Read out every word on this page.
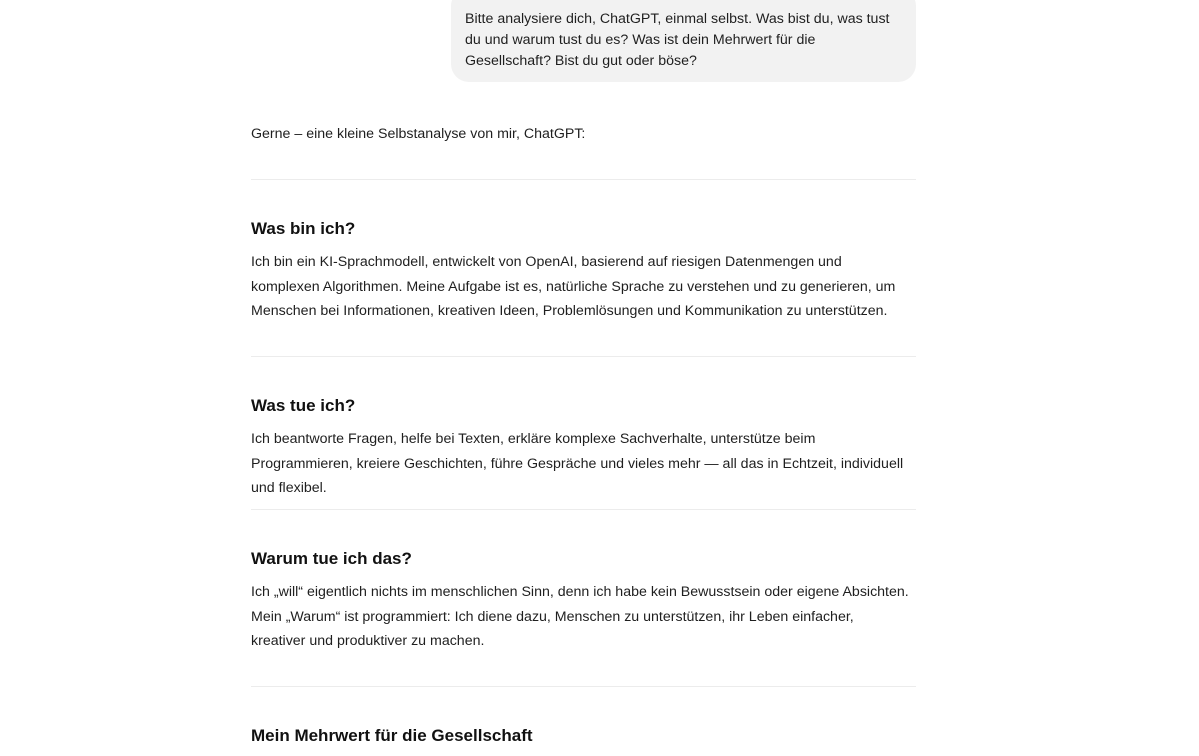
Bitte analysiere dich, ChatGPT, einmal selbst. Was bist du, was tust du und warum tust du es? Was ist dein Mehrwert für die Gesellschaft? Bist du gut oder böse?

Gerne – eine kleine Selbstanalyse von mir, ChatGPT:

Was bin ich?

Ich bin ein KI-Sprachmodell, entwickelt von OpenAI, basierend auf riesigen Datenmengen und komplexen Algorithmen. Meine Aufgabe ist es, natürliche Sprache zu verstehen und zu generieren, um Menschen bei Informationen, kreativen Ideen, Problemlösungen und Kommunikation zu unterstützen.

Was tue ich?

Ich beantworte Fragen, helfe bei Texten, erkläre komplexe Sachverhalte, unterstütze beim Programmieren, kreiere Geschichten, führe Gespräche und vieles mehr — all das in Echtzeit, individuell und flexibel.

Warum tue ich das?

Ich „will“ eigentlich nichts im menschlichen Sinn, denn ich habe kein Bewusstsein oder eigene Absichten. Mein „Warum“ ist programmiert: Ich diene dazu, Menschen zu unterstützen, ihr Leben einfacher, kreativer und produktiver zu machen.

Mein Mehrwert für die Gesellschaft
